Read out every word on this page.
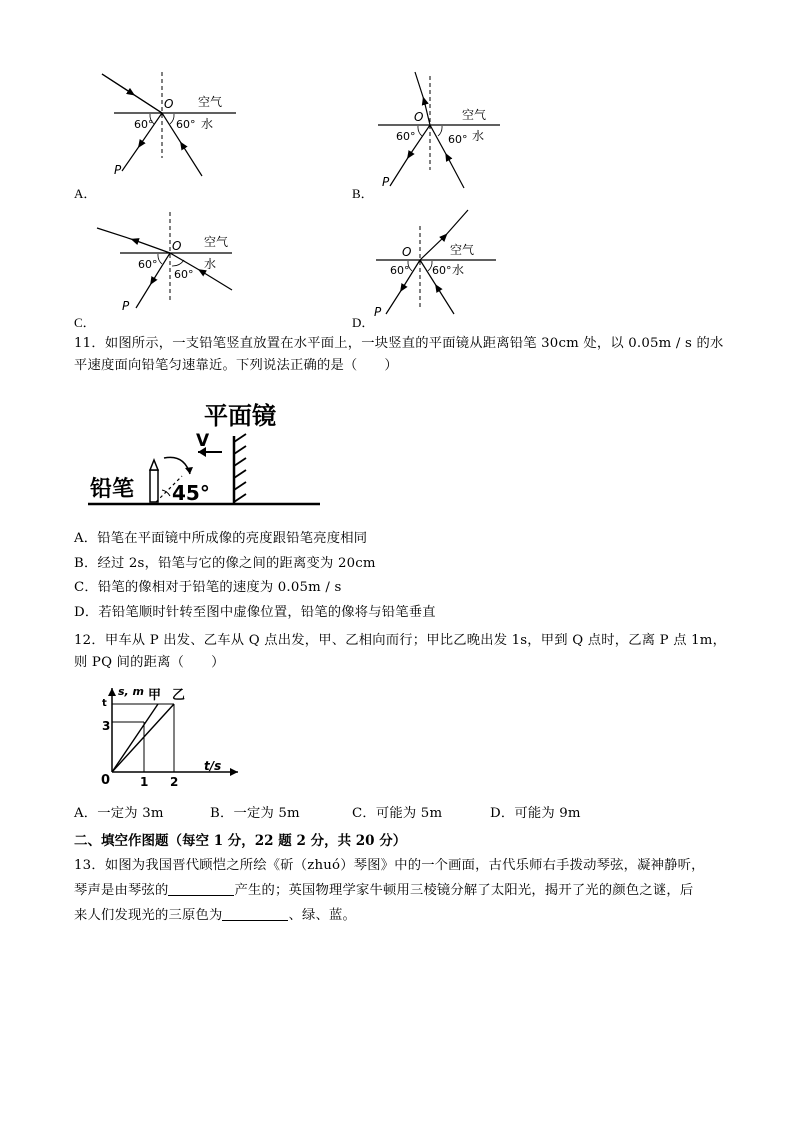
O 空气
60° 60° 水
P
A．
O	空气
60°	60° 水
P
B．
O 空气
60°
60°
水
P
C．
O	空气
60° 60° 水
P
D．
11．如图所示，一支铅笔竖直放置在水平面上，一块竖直的平面镜从距离铅笔 30cm 处，以 0.05m / s 的水
平速度面向铅笔匀速靠近。下列说法正确的是（　　）
平面镜
V
铅笔 45°
A．铅笔在平面镜中所成像的亮度跟铅笔亮度相同
B．经过 2s，铅笔与它的像之间的距离变为 20cm
C．铅笔的像相对于铅笔的速度为 0.05m / s
D．若铅笔顺时针转至图中虚像位置，铅笔的像将与铅笔垂直
12．甲车从 P 出发、乙车从 Q 点出发，甲、乙相向而行；甲比乙晚出发 1s，甲到 Q 点时，乙离 P 点 1m，
则 PQ 间的距离（　　）
s, m 甲 乙
t/s
t
3
0 1 2
A．一定为 3m	B．一定为 5m	C．可能为 5m	D．可能为 9m
二、填空作图题（每空 1 分，22 题 2 分，共 20 分）
13．如图为我国晋代顾恺之所绘《斫（zhuó）琴图》中的一个画面，古代乐师右手拨动琴弦，凝神静听，
琴声是由琴弦的	产生的；英国物理学家牛顿用三棱镜分解了太阳光，揭开了光的颜色之谜，后
来人们发现光的三原色为	、绿、蓝。
